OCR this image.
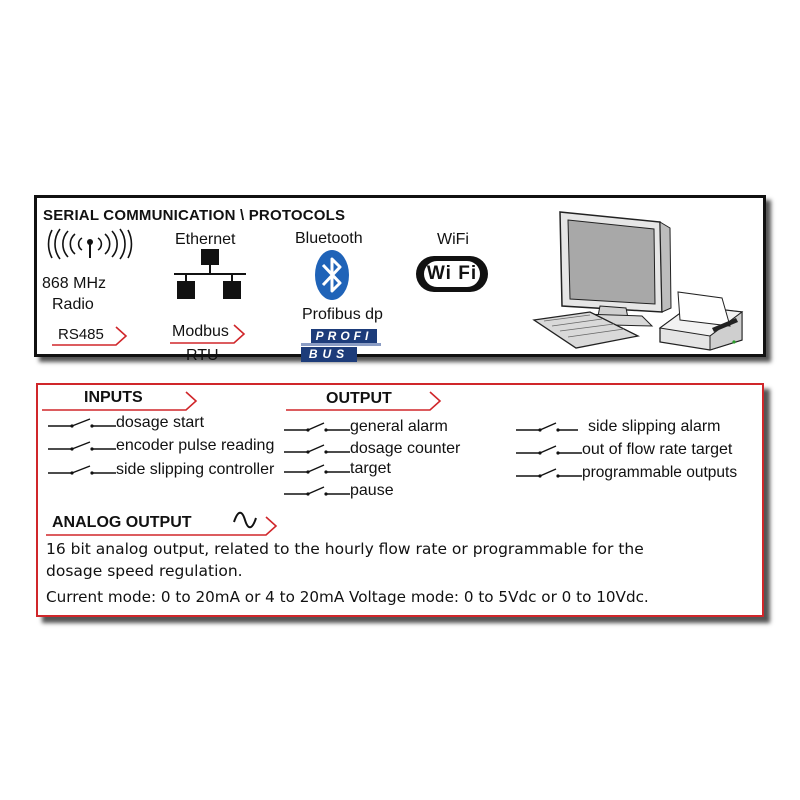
SERIAL COMMUNICATION \ PROTOCOLS
868 MHz
Radio
RS485
Ethernet
Modbus
RTU
Bluetooth
Profibus dp
PROFI
BUS
WiFi
Wi Fi
INPUTS	OUTPUT
dosage start
encoder pulse reading
side slipping controller
general alarm
dosage counter
target
pause
side slipping alarm
out of flow rate target
programmable outputs
ANALOG OUTPUT
16 bit analog output, related to the hourly flow rate or programmable for the
dosage speed regulation.
Current mode: 0 to 20mA or 4 to 20mA Voltage mode: 0 to 5Vdc or 0 to 10Vdc.
